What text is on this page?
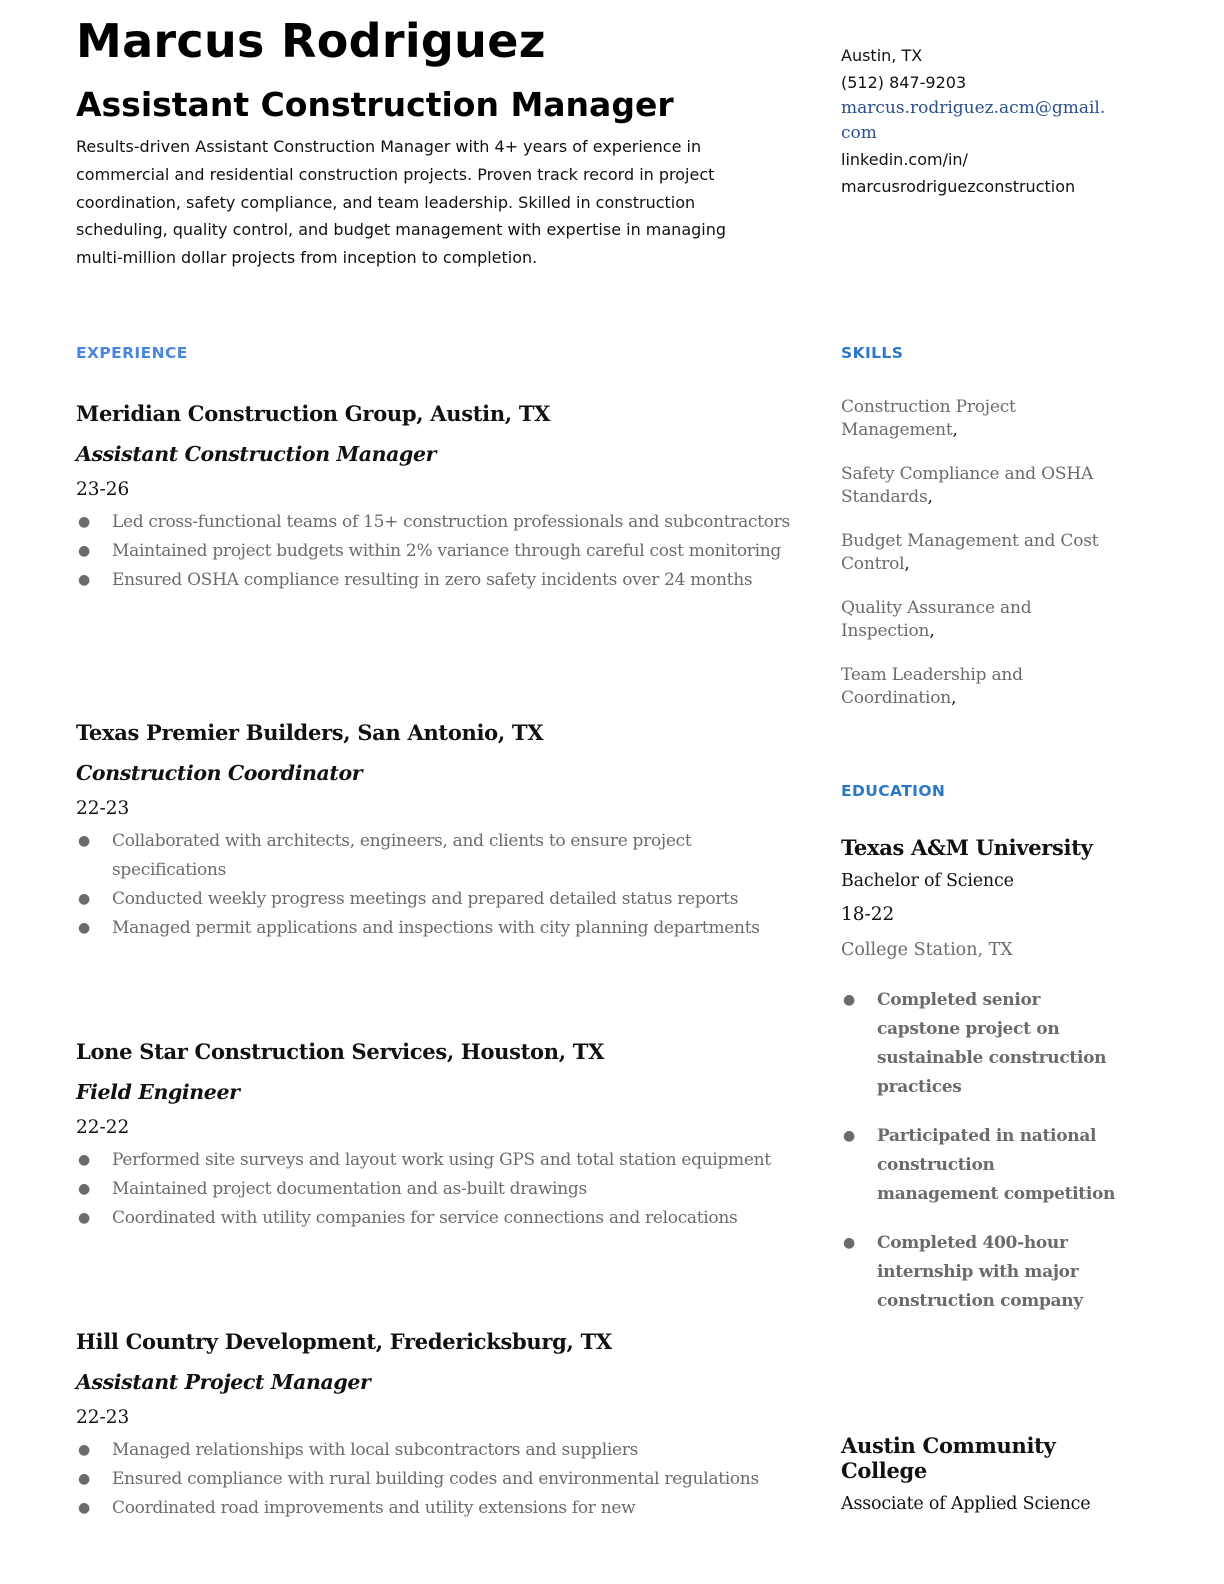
Marcus Rodriguez
Assistant Construction Manager
Results-driven Assistant Construction Manager with 4+ years of experience in commercial and residential construction projects. Proven track record in project coordination, safety compliance, and team leadership. Skilled in construction scheduling, quality control, and budget management with expertise in managing multi-million dollar projects from inception to completion.
EXPERIENCE
Meridian Construction Group, Austin, TX
Assistant Construction Manager
23-26
● Led cross-functional teams of 15+ construction professionals and subcontractors
● Maintained project budgets within 2% variance through careful cost monitoring
● Ensured OSHA compliance resulting in zero safety incidents over 24 months
Texas Premier Builders, San Antonio, TX
Construction Coordinator
22-23
● Collaborated with architects, engineers, and clients to ensure project specifications
● Conducted weekly progress meetings and prepared detailed status reports
● Managed permit applications and inspections with city planning departments
Lone Star Construction Services, Houston, TX
Field Engineer
22-22
● Performed site surveys and layout work using GPS and total station equipment
● Maintained project documentation and as-built drawings
● Coordinated with utility companies for service connections and relocations
Hill Country Development, Fredericksburg, TX
Assistant Project Manager
22-23
● Managed relationships with local subcontractors and suppliers
● Ensured compliance with rural building codes and environmental regulations
● Coordinated road improvements and utility extensions for new
Austin, TX
(512) 847-9203
marcus.rodriguez.acm@gmail.com
linkedin.com/in/
marcusrodriguezconstruction
SKILLS
Construction Project Management,
Safety Compliance and OSHA Standards,
Budget Management and Cost Control,
Quality Assurance and Inspection,
Team Leadership and Coordination,
EDUCATION
Texas A&M University
Bachelor of Science
18-22
College Station, TX
● Completed senior capstone project on sustainable construction practices
● Participated in national construction management competition
● Completed 400-hour internship with major construction company
Austin Community College
Associate of Applied Science
